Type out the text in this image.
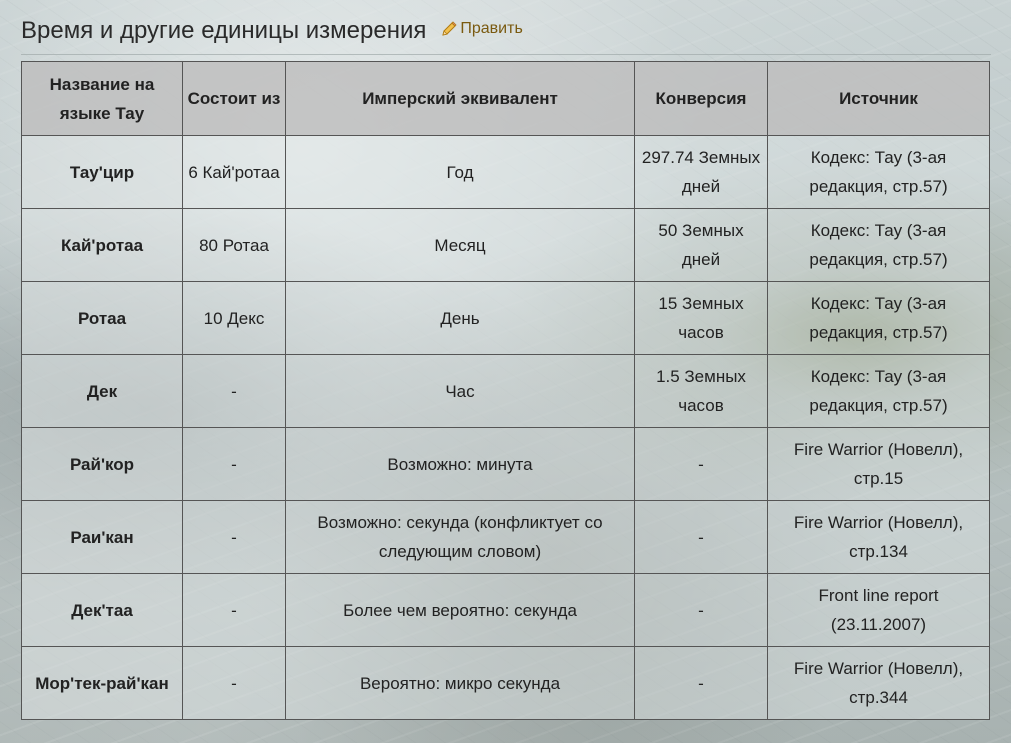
Время и другие единицы измерения Править
Название на языке Тау	Состоит из	Имперский эквивалент	Конверсия	Источник
Тау'цир	6 Кай'ротаа	Год	297.74 Земных дней	Кодекс: Тау (3-ая редакция, стр.57)
Кай'ротаа	80 Ротаа	Месяц	50 Земных дней	Кодекс: Тау (3-ая редакция, стр.57)
Ротаа	10 Декс	День	15 Земных часов	Кодекс: Тау (3-ая редакция, стр.57)
Дек	-	Час	1.5 Земных часов	Кодекс: Тау (3-ая редакция, стр.57)
Рай'кор	-	Возможно: минута	-	Fire Warrior (Новелл), стр.15
Раи'кан	-	Возможно: секунда (конфликтует со следующим словом)	-	Fire Warrior (Новелл), стр.134
Дек'таа	-	Более чем вероятно: секунда	-	Front line report (23.11.2007)
Мор'тек-рай'кан	-	Вероятно: микро секунда	-	Fire Warrior (Новелл), стр.344
